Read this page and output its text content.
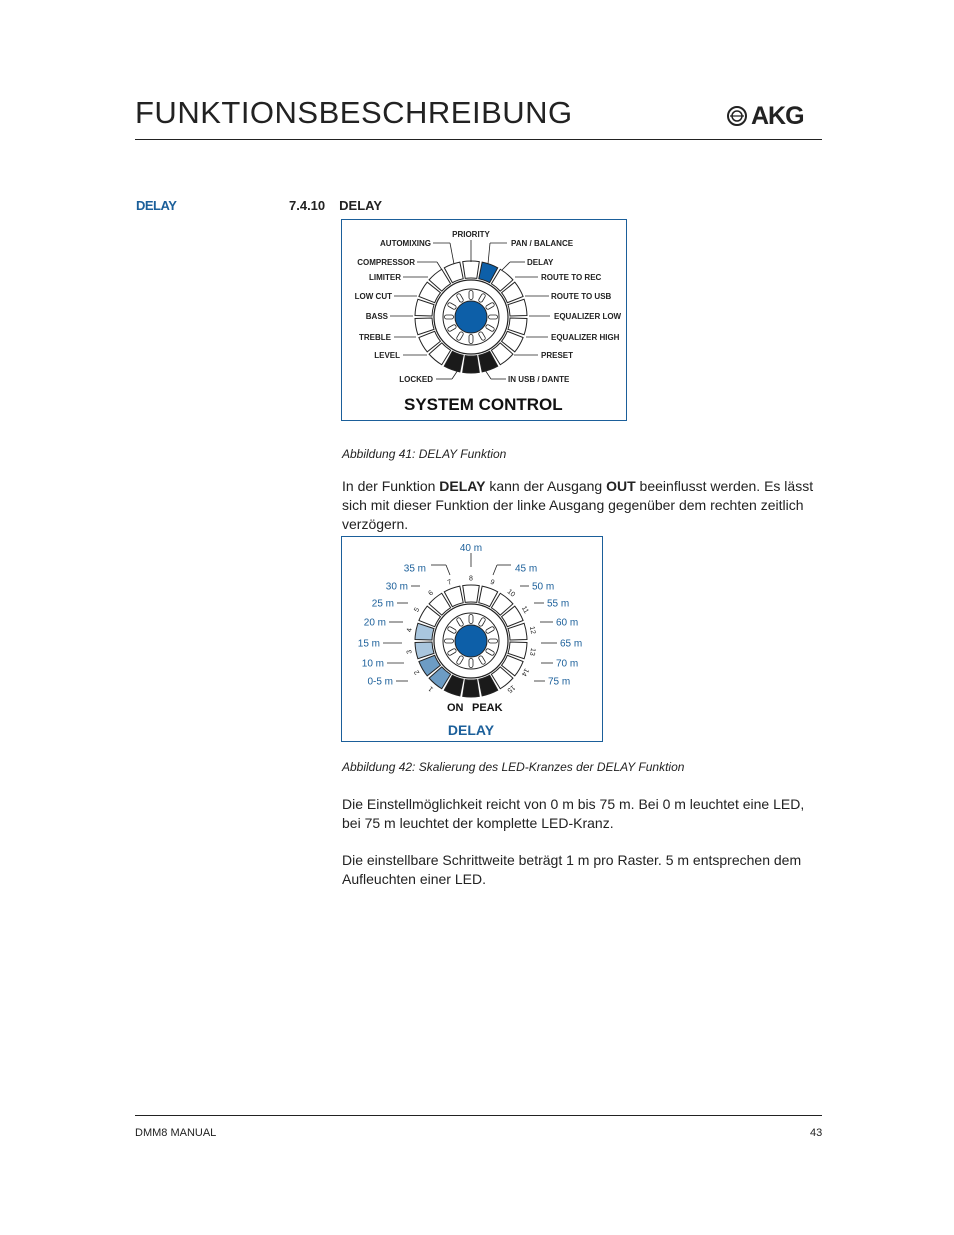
FUNKTIONSBESCHREIBUNG	AKG
DELAY	7.4.10 DELAY
PRIORITY
AUTOMIXING	PAN / BALANCE
COMPRESSOR	DELAY
LIMITER	ROUTE TO REC
LOW CUT	ROUTE TO USB
BASS	EQUALIZER LOW
TREBLE	EQUALIZER HIGH
LEVEL	PRESET
LOCKED	IN USB / DANTE
SYSTEM CONTROL
Abbildung 41: DELAY Funktion
In der Funktion DELAY kann der Ausgang OUT beeinflusst werden. Es lässt sich mit dieser Funktion der linke Ausgang gegenüber dem rechten zeitlich verzögern.
1
2
3
4
5
6
7 8 9
10
11
12
13
14
15
40 m
35 m
30 m
25 m
20 m
15 m
10 m
0-5 m
45 m
50 m
55 m
60 m
65 m
70 m
75 m
ON PEAK
DELAY
Abbildung 42: Skalierung des LED-Kranzes der DELAY Funktion
Die Einstellmöglichkeit reicht von 0 m bis 75 m. Bei 0 m leuchtet eine LED, bei 75 m leuchtet der komplette LED-Kranz.
Die einstellbare Schrittweite beträgt 1 m pro Raster. 5 m entsprechen dem Aufleuchten einer LED.
DMM8 MANUAL	43
